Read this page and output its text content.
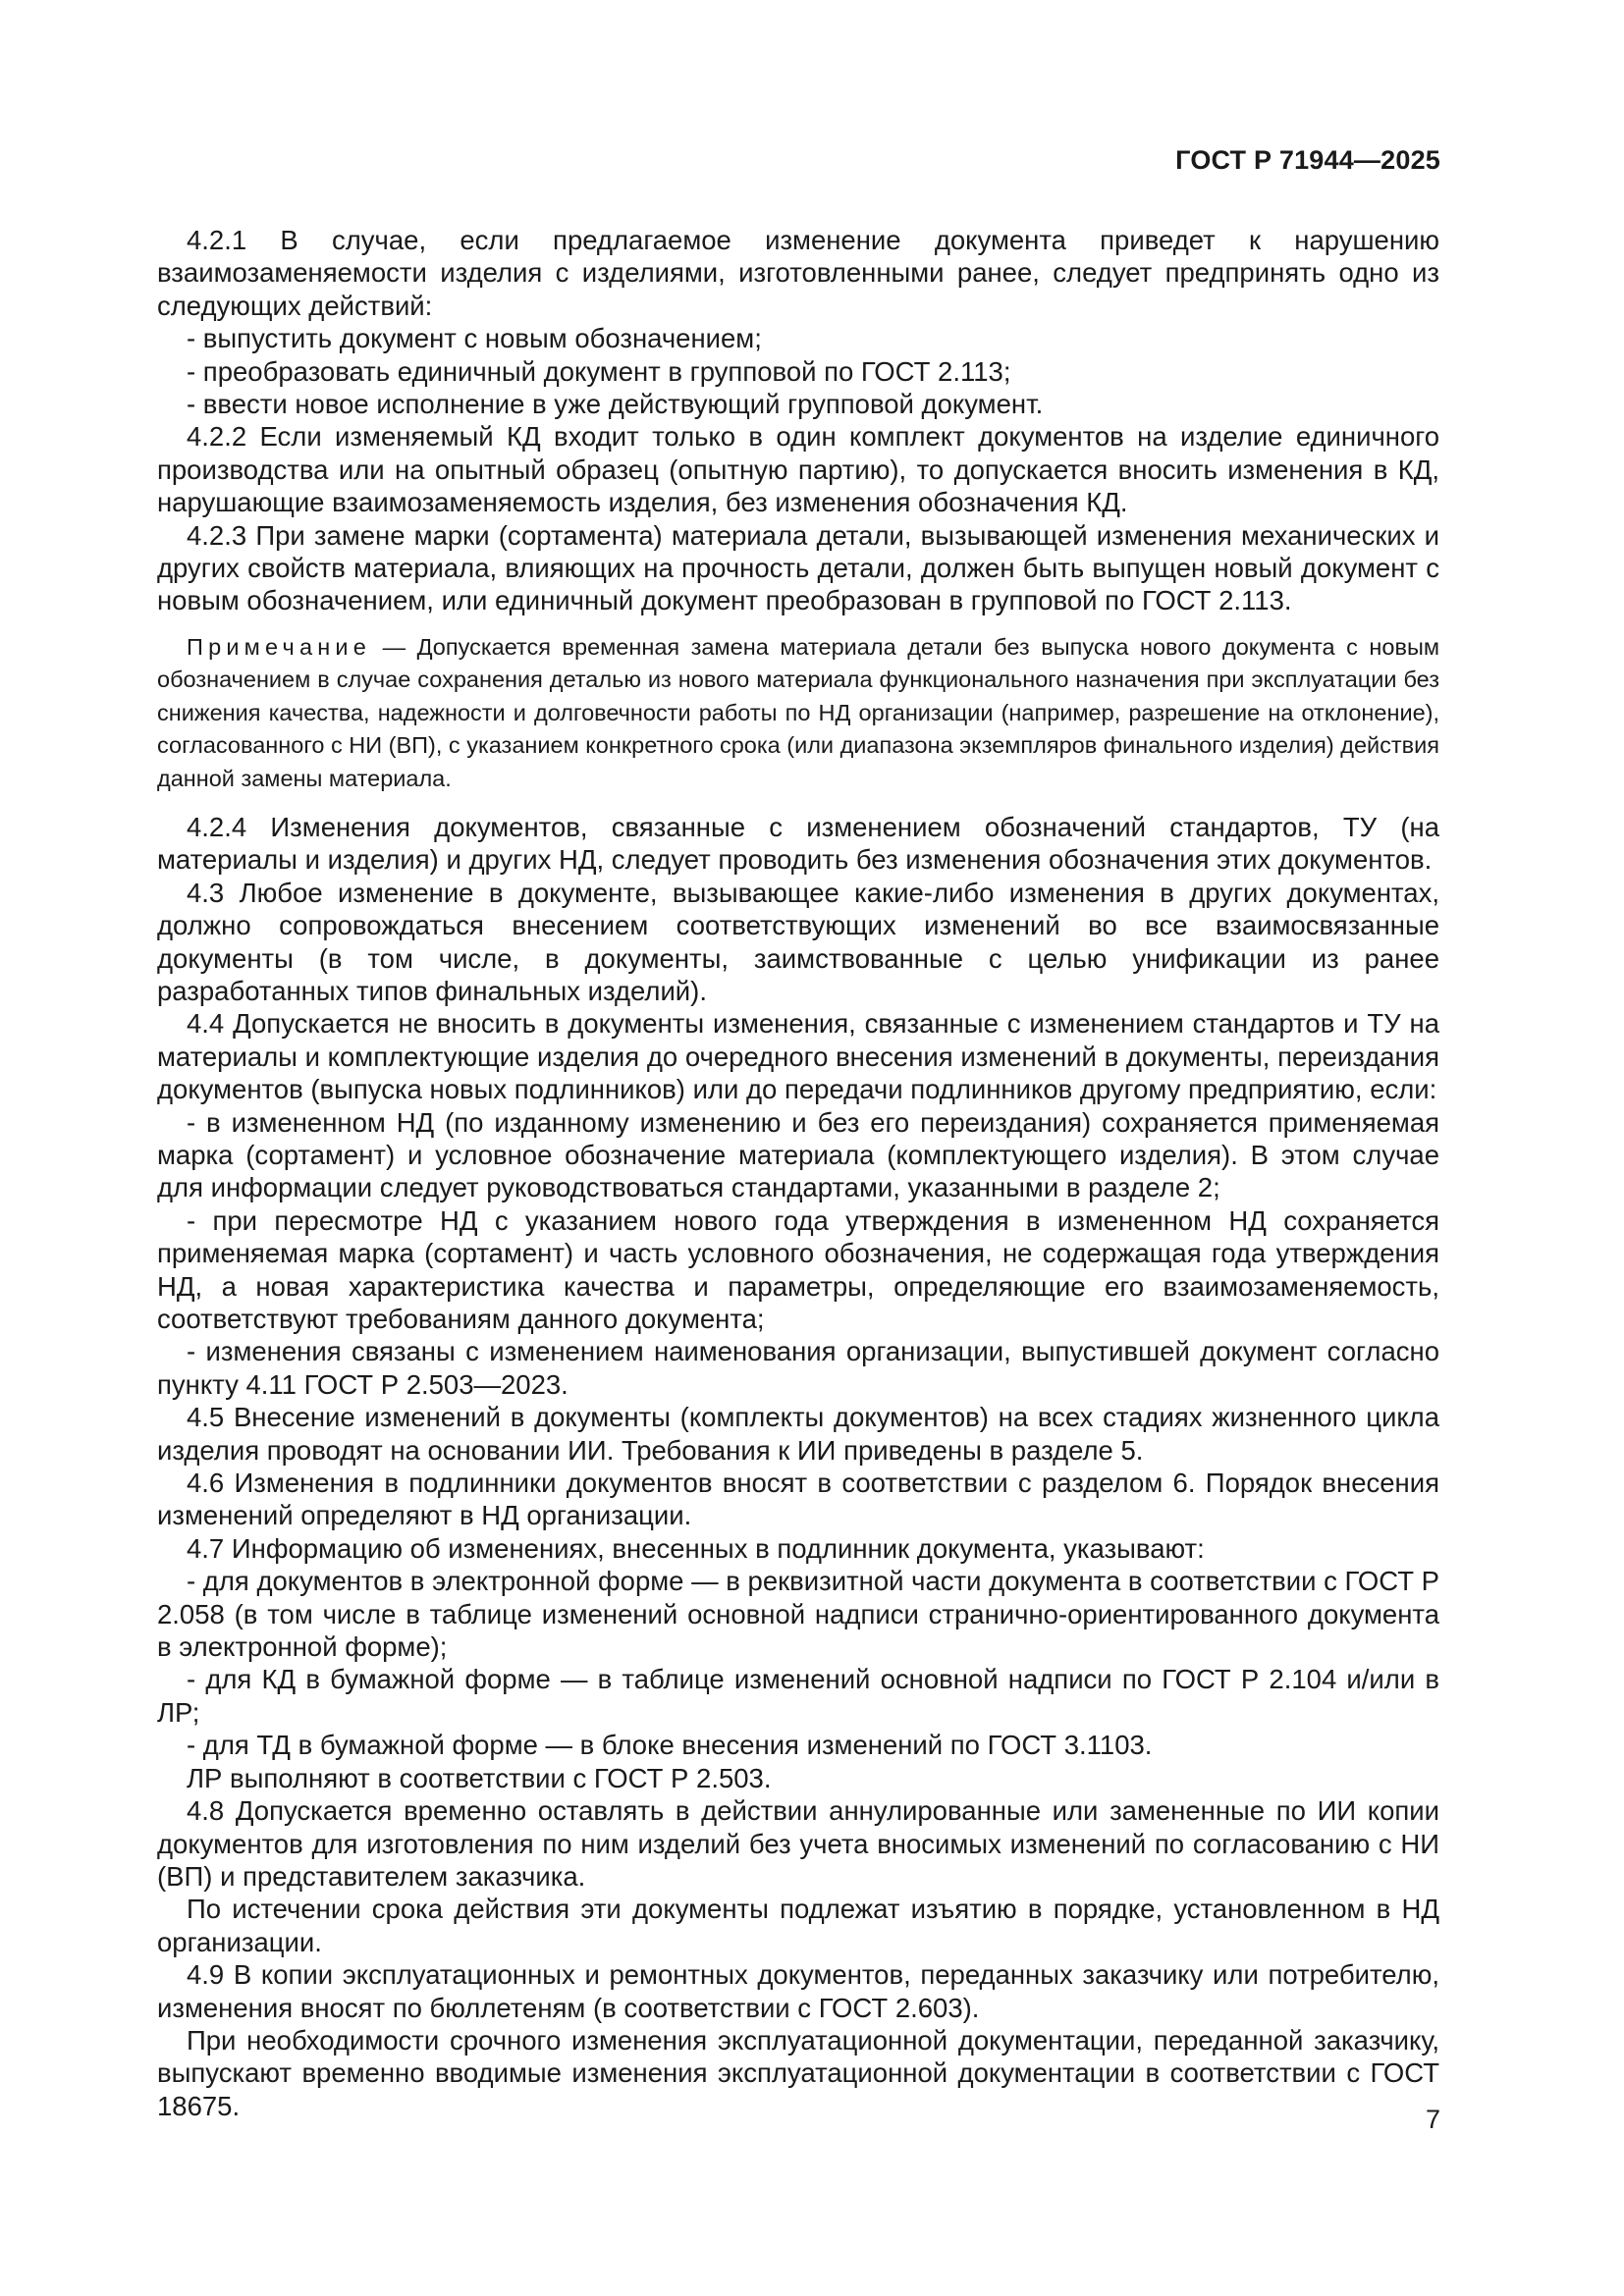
ГОСТ Р 71944—2025

4.2.1 В случае, если предлагаемое изменение документа приведет к нарушению взаимозаменяемости изделия с изделиями, изготовленными ранее, следует предпринять одно из следующих действий:

- выпустить документ с новым обозначением;

- преобразовать единичный документ в групповой по ГОСТ 2.113;

- ввести новое исполнение в уже действующий групповой документ.

4.2.2 Если изменяемый КД входит только в один комплект документов на изделие единичного производства или на опытный образец (опытную партию), то допускается вносить изменения в КД, нарушающие взаимозаменяемость изделия, без изменения обозначения КД.

4.2.3 При замене марки (сортамента) материала детали, вызывающей изменения механических и других свойств материала, влияющих на прочность детали, должен быть выпущен новый документ с новым обозначением, или единичный документ преобразован в групповой по ГОСТ 2.113.

Примечание — Допускается временная замена материала детали без выпуска нового документа с новым обозначением в случае сохранения деталью из нового материала функционального назначения при эксплуатации без снижения качества, надежности и долговечности работы по НД организации (например, разрешение на отклонение), согласованного с НИ (ВП), с указанием конкретного срока (или диапазона экземпляров финального изделия) действия данной замены материала.

4.2.4 Изменения документов, связанные с изменением обозначений стандартов, ТУ (на материалы и изделия) и других НД, следует проводить без изменения обозначения этих документов.

4.3 Любое изменение в документе, вызывающее какие-либо изменения в других документах, должно сопровождаться внесением соответствующих изменений во все взаимосвязанные документы (в том числе, в документы, заимствованные с целью унификации из ранее разработанных типов финальных изделий).

4.4 Допускается не вносить в документы изменения, связанные с изменением стандартов и ТУ на материалы и комплектующие изделия до очередного внесения изменений в документы, переиздания документов (выпуска новых подлинников) или до передачи подлинников другому предприятию, если:

- в измененном НД (по изданному изменению и без его переиздания) сохраняется применяемая марка (сортамент) и условное обозначение материала (комплектующего изделия). В этом случае для информации следует руководствоваться стандартами, указанными в разделе 2;

- при пересмотре НД с указанием нового года утверждения в измененном НД сохраняется применяемая марка (сортамент) и часть условного обозначения, не содержащая года утверждения НД, а новая характеристика качества и параметры, определяющие его взаимозаменяемость, соответствуют требованиям данного документа;

- изменения связаны с изменением наименования организации, выпустившей документ согласно пункту 4.11 ГОСТ Р 2.503—2023.

4.5 Внесение изменений в документы (комплекты документов) на всех стадиях жизненного цикла изделия проводят на основании ИИ. Требования к ИИ приведены в разделе 5.

4.6 Изменения в подлинники документов вносят в соответствии с разделом 6. Порядок внесения изменений определяют в НД организации.

4.7 Информацию об изменениях, внесенных в подлинник документа, указывают:

- для документов в электронной форме — в реквизитной части документа в соответствии с ГОСТ Р 2.058 (в том числе в таблице изменений основной надписи странично-ориентированного документа в электронной форме);

- для КД в бумажной форме — в таблице изменений основной надписи по ГОСТ Р 2.104 и/или в ЛР;

- для ТД в бумажной форме — в блоке внесения изменений по ГОСТ 3.1103.

ЛР выполняют в соответствии с ГОСТ Р 2.503.

4.8 Допускается временно оставлять в действии аннулированные или замененные по ИИ копии документов для изготовления по ним изделий без учета вносимых изменений по согласованию с НИ (ВП) и представителем заказчика.

По истечении срока действия эти документы подлежат изъятию в порядке, установленном в НД организации.

4.9 В копии эксплуатационных и ремонтных документов, переданных заказчику или потребителю, изменения вносят по бюллетеням (в соответствии с ГОСТ 2.603).

При необходимости срочного изменения эксплуатационной документации, переданной заказчику, выпускают временно вводимые изменения эксплуатационной документации в соответствии с ГОСТ 18675.	7
